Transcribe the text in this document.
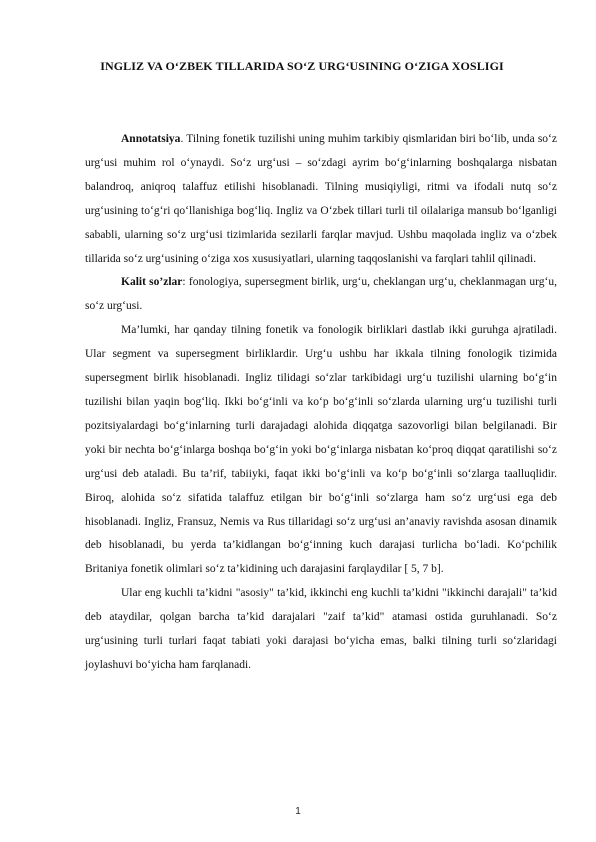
INGLIZ VA O‘ZBEK TILLARIDA SO‘Z URG‘USINING O‘ZIGA XOSLIGI

Annotatsiya. Tilning fonetik tuzilishi uning muhim tarkibiy qismlaridan biri bo‘lib, unda so‘z urg‘usi muhim rol o‘ynaydi. So‘z urg‘usi – so‘zdagi ayrim bo‘g‘inlarning boshqalarga nisbatan balandroq, aniqroq talaffuz etilishi hisoblanadi. Tilning musiqiyligi, ritmi va ifodali nutq so‘z urg‘usining to‘g‘ri qo‘llanishiga bog‘liq. Ingliz va O‘zbek tillari turli til oilalariga mansub bo‘lganligi sababli, ularning so‘z urg‘usi tizimlarida sezilarli farqlar mavjud. Ushbu maqolada ingliz va o‘zbek tillarida so‘z urg‘usining o‘ziga xos xususiyatlari, ularning taqqoslanishi va farqlari tahlil qilinadi.

Kalit so’zlar: fonologiya, supersegment birlik, urg‘u, cheklangan urg‘u, cheklanmagan urg‘u, so‘z urg‘usi.

Ma’lumki, har qanday tilning fonetik va fonologik birliklari dastlab ikki guruhga ajratiladi. Ular segment va supersegment birliklardir. Urg‘u ushbu har ikkala tilning fonologik tizimida supersegment birlik hisoblanadi. Ingliz tilidagi so‘zlar tarkibidagi urg‘u tuzilishi ularning bo‘g‘in tuzilishi bilan yaqin bog‘liq. Ikki bo‘g‘inli va ko‘p bo‘g‘inli so‘zlarda ularning urg‘u tuzilishi turli pozitsiyalardagi bo‘g‘inlarning turli darajadagi alohida diqqatga sazovorligi bilan belgilanadi. Bir yoki bir nechta bo‘g‘inlarga boshqa bo‘g‘in yoki bo‘g‘inlarga nisbatan ko‘proq diqqat qaratilishi so‘z urg‘usi deb ataladi. Bu ta’rif, tabiiyki, faqat ikki bo‘g‘inli va ko‘p bo‘g‘inli so‘zlarga taalluqlidir. Biroq, alohida so‘z sifatida talaffuz etilgan bir bo‘g‘inli so‘zlarga ham so‘z urg‘usi ega deb hisoblanadi. Ingliz, Fransuz, Nemis va Rus tillaridagi so‘z urg‘usi an’anaviy ravishda asosan dinamik deb hisoblanadi, bu yerda ta’kidlangan bo‘g‘inning kuch darajasi turlicha bo‘ladi. Ko‘pchilik Britaniya fonetik olimlari so‘z ta’kidining uch darajasini farqlaydilar [ 5, 7 b].

Ular eng kuchli ta’kidni "asosiy" ta’kid, ikkinchi eng kuchli ta’kidni "ikkinchi darajali" ta’kid deb ataydilar, qolgan barcha ta’kid darajalari "zaif ta’kid" atamasi ostida guruhlanadi. So‘z urg‘usining turli turlari faqat tabiati yoki darajasi bo‘yicha emas, balki tilning turli so‘zlaridagi joylashuvi bo‘yicha ham farqlanadi.

1
